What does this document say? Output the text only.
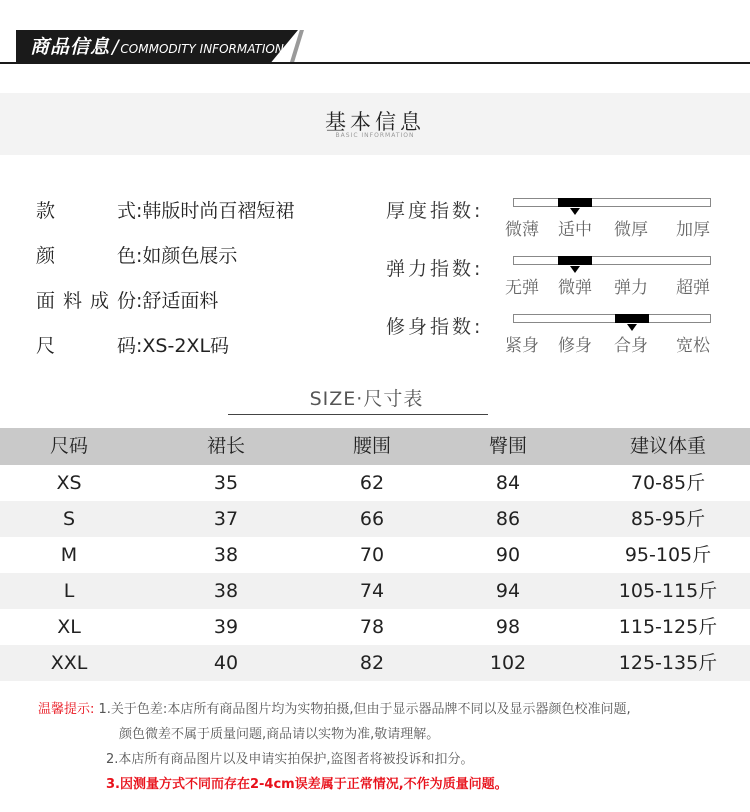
商品信息 / COMMODITY INFORMATION
基本信息
BASIC INFORMATION
款式:韩版时尚百褶短裙
颜色:如颜色展示
面料成份:舒适面料
尺码:XS-2XL码
厚度指数:
微薄 适中 微厚 加厚
弹力指数:
无弹 微弹 弹力 超弹
修身指数:
紧身 修身 合身 宽松
SIZE·尺寸表
尺码	裙长	腰围	臀围	建议体重
XS	35	62	84	70-85斤
S	37	66	86	85-95斤
M	38	70	90	95-105斤
L	38	74	94	105-115斤
XL	39	78	98	115-125斤
XXL	40	82	102	125-135斤
温馨提示: 1.关于色差:本店所有商品图片均为实物拍摄,但由于显示器品牌不同以及显示器颜色校准问题,
颜色微差不属于质量问题,商品请以实物为准,敬请理解。
2.本店所有商品图片以及申请实拍保护,盗图者将被投诉和扣分。
3.因测量方式不同而存在2-4cm误差属于正常情况,不作为质量问题。
